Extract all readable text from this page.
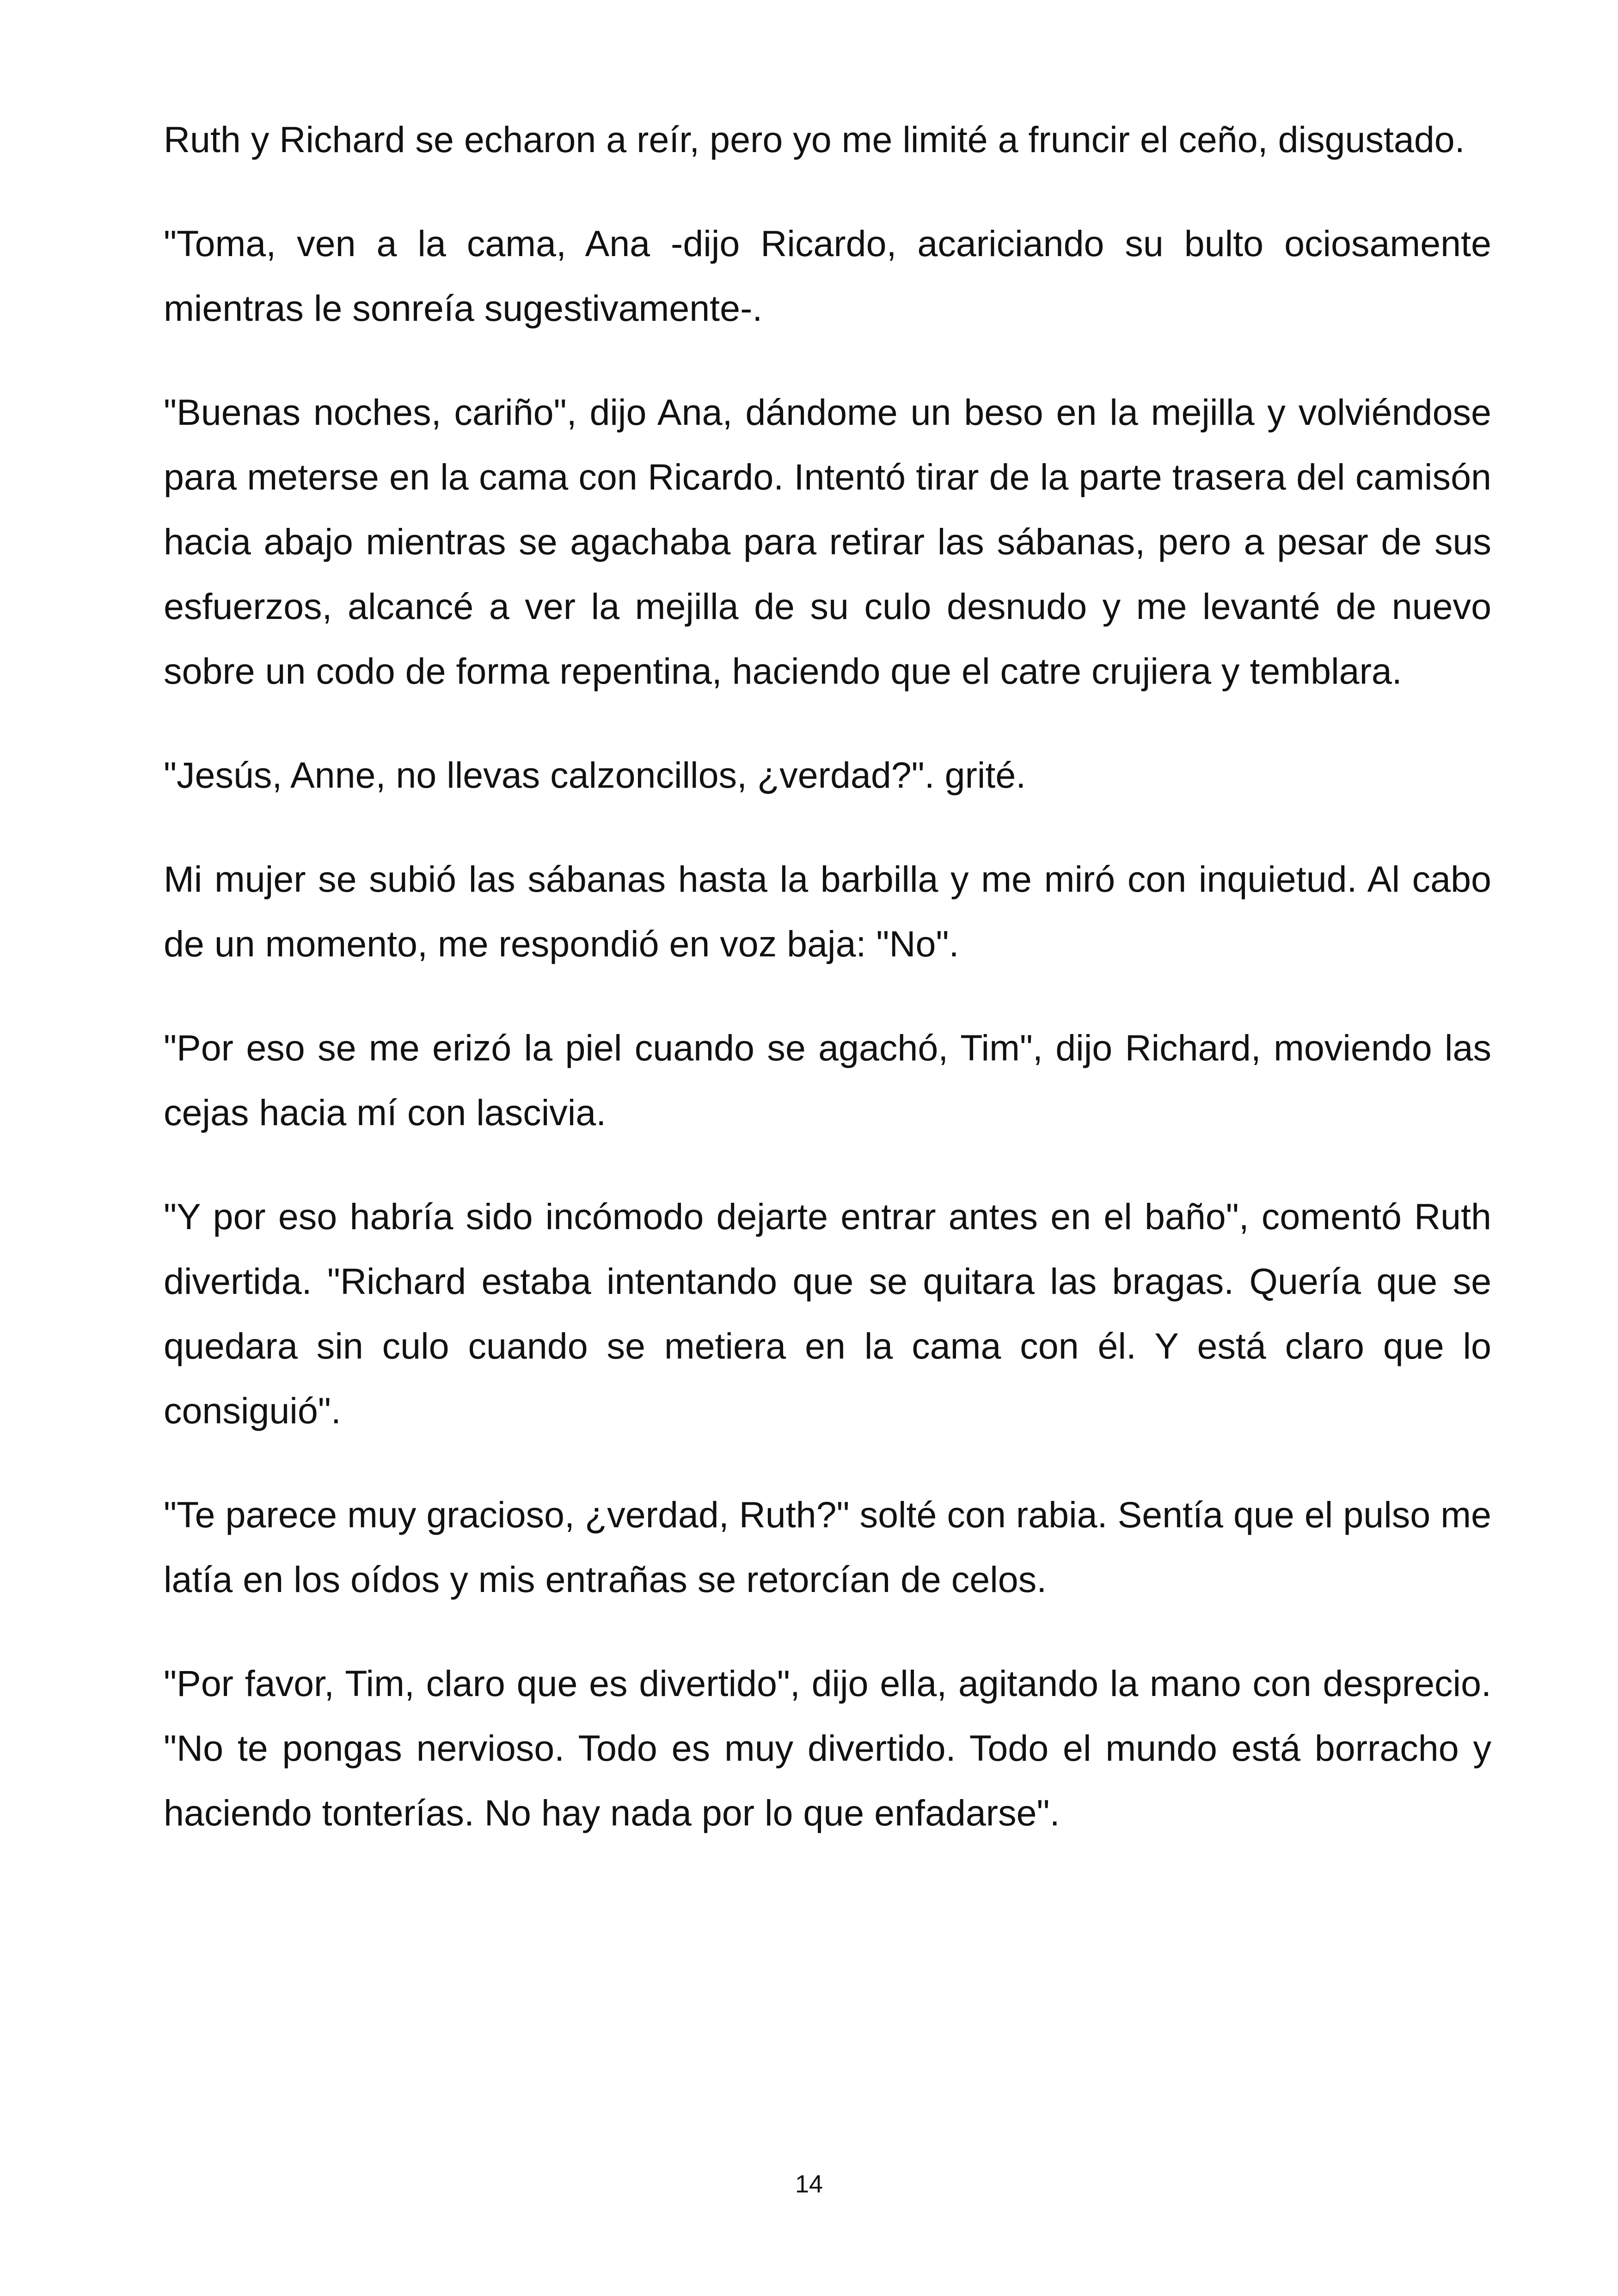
Ruth y Richard se echaron a reír, pero yo me limité a fruncir el ceño, disgustado.

"Toma, ven a la cama, Ana -dijo Ricardo, acariciando su bulto ociosamente mientras le sonreía sugestivamente-.

"Buenas noches, cariño", dijo Ana, dándome un beso en la mejilla y volviéndose para meterse en la cama con Ricardo. Intentó tirar de la parte trasera del camisón hacia abajo mientras se agachaba para retirar las sábanas, pero a pesar de sus esfuerzos, alcancé a ver la mejilla de su culo desnudo y me levanté de nuevo sobre un codo de forma repentina, haciendo que el catre crujiera y temblara.

"Jesús, Anne, no llevas calzoncillos, ¿verdad?". grité.

Mi mujer se subió las sábanas hasta la barbilla y me miró con inquietud. Al cabo de un momento, me respondió en voz baja: "No".

"Por eso se me erizó la piel cuando se agachó, Tim", dijo Richard, moviendo las cejas hacia mí con lascivia.

"Y por eso habría sido incómodo dejarte entrar antes en el baño", comentó Ruth divertida. "Richard estaba intentando que se quitara las bragas. Quería que se quedara sin culo cuando se metiera en la cama con él. Y está claro que lo consiguió".

"Te parece muy gracioso, ¿verdad, Ruth?" solté con rabia. Sentía que el pulso me latía en los oídos y mis entrañas se retorcían de celos.

"Por favor, Tim, claro que es divertido", dijo ella, agitando la mano con desprecio. "No te pongas nervioso. Todo es muy divertido. Todo el mundo está borracho y haciendo tonterías. No hay nada por lo que enfadarse".

14
